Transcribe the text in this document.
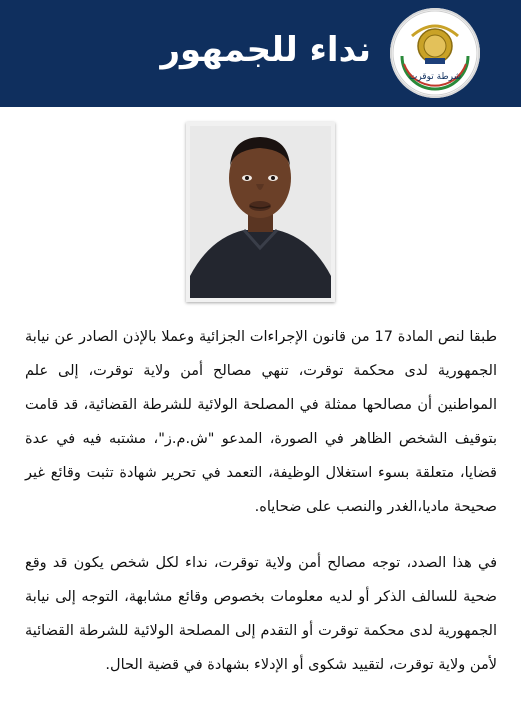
نداء للجمهور
شرطة توقرت

طبقا لنص المادة 17 من قانون الإجراءات الجزائية وعملا بالإذن الصادر عن نيابة الجمهورية لدى محكمة توقرت، تنهي مصالح أمن ولاية توقرت، إلى علم المواطنين أن مصالحها ممثلة في المصلحة الولائية للشرطة القضائية، قد قامت بتوقيف الشخص الظاهر في الصورة، المدعو "ش.م.ز"، مشتبه فيه في عدة قضايا، متعلقة بسوء استغلال الوظيفة، التعمد في تحرير شهادة تثبت وقائع غير صحيحة ماديا،الغدر والنصب على ضحاياه.

في هذا الصدد، توجه مصالح أمن ولاية توقرت، نداء لكل شخص يكون قد وقع ضحية للسالف الذكر أو لديه معلومات بخصوص وقائع مشابهة، التوجه إلى نيابة الجمهورية لدى محكمة توقرت أو التقدم إلى المصلحة الولائية للشرطة القضائية لأمن ولاية توقرت، لتقييد شكوى أو الإدلاء بشهادة في قضية الحال.
